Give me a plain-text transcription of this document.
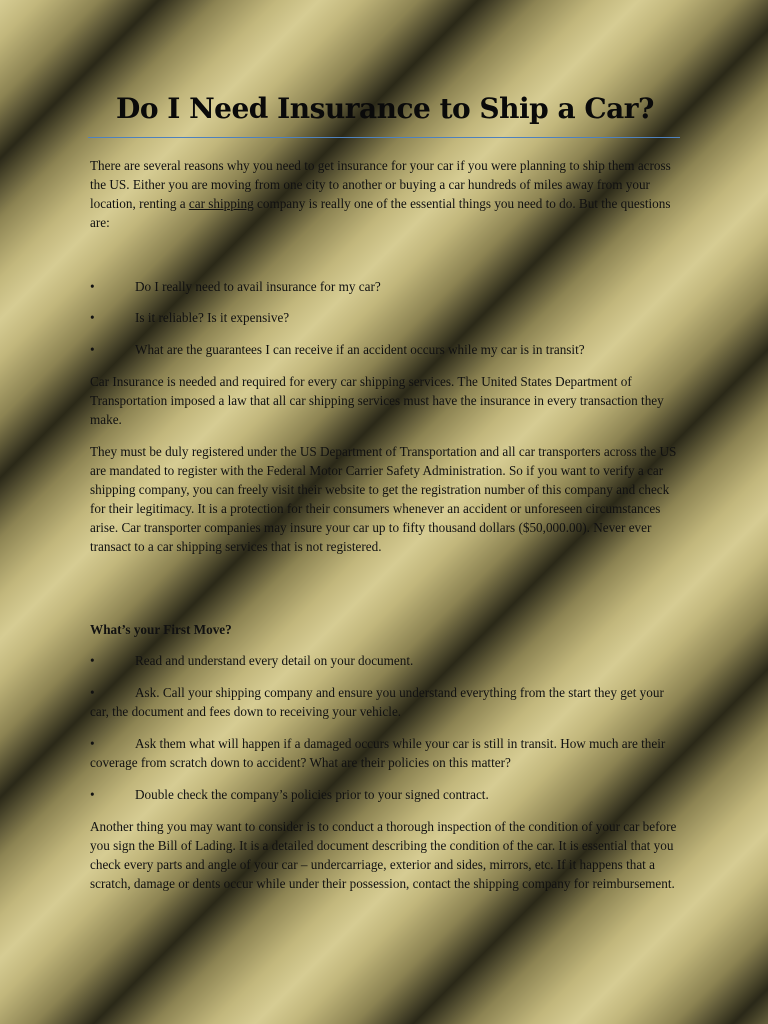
Do I Need Insurance to Ship a Car?

There are several reasons why you need to get insurance for your car if you were planning to ship them across the US. Either you are moving from one city to another or buying a car hundreds of miles away from your location, renting a car shipping company is really one of the essential things you need to do. But the questions are:

•	Do I really need to avail insurance for my car?
•	Is it reliable? Is it expensive?
•	What are the guarantees I can receive if an accident occurs while my car is in transit?

Car Insurance is needed and required for every car shipping services. The United States Department of Transportation imposed a law that all car shipping services must have the insurance in every transaction they make.

They must be duly registered under the US Department of Transportation and all car transporters across the US are mandated to register with the Federal Motor Carrier Safety Administration. So if you want to verify a car shipping company, you can freely visit their website to get the registration number of this company and check for their legitimacy. It is a protection for their consumers whenever an accident or unforeseen circumstances arise. Car transporter companies may insure your car up to fifty thousand dollars ($50,000.00). Never ever transact to a car shipping services that is not registered.

What’s your First Move?

•	Read and understand every detail on your document.
•	Ask. Call your shipping company and ensure you understand everything from the start they get your car, the document and fees down to receiving your vehicle.
•	Ask them what will happen if a damaged occurs while your car is still in transit. How much are their coverage from scratch down to accident? What are their policies on this matter?
•	Double check the company’s policies prior to your signed contract.

Another thing you may want to consider is to conduct a thorough inspection of the condition of your car before you sign the Bill of Lading. It is a detailed document describing the condition of the car. It is essential that you check every parts and angle of your car – undercarriage, exterior and sides, mirrors, etc. If it happens that a scratch, damage or dents occur while under their possession, contact the shipping company for reimbursement.
